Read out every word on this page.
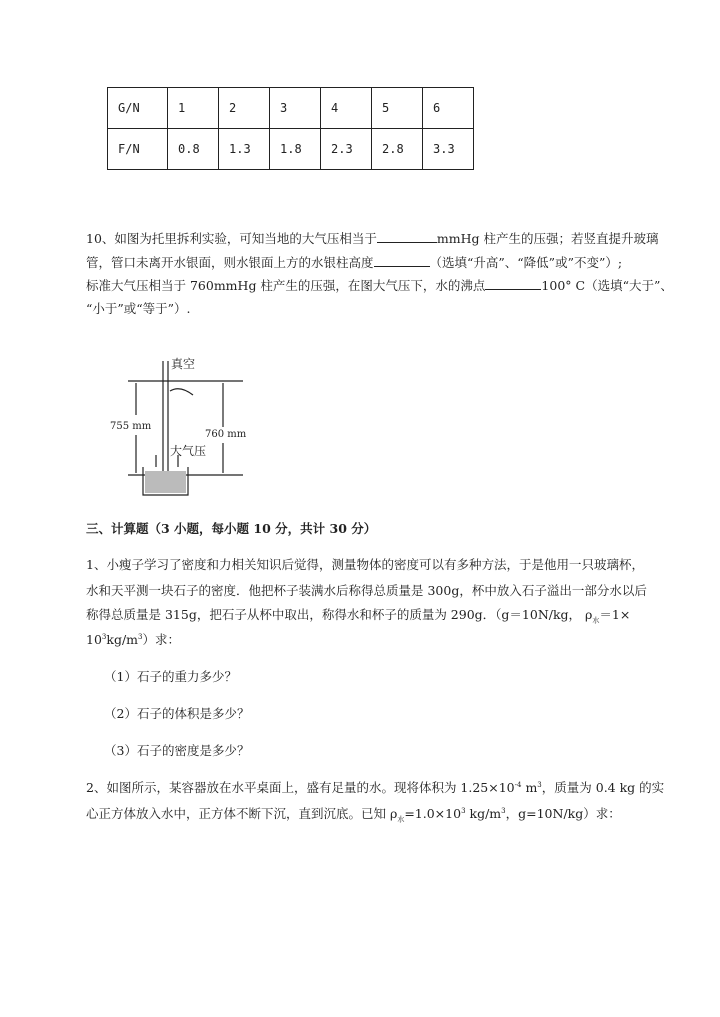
G/N	1	2	3	4	5	6
F/N	0.8	1.3	1.8	2.3	2.8	3.3
10、如图为托里拆利实验，可知当地的大气压相当于	mmHg 柱产生的压强；若竖直提升玻璃
管，管口未离开水银面，则水银面上方的水银柱高度	（选填“升高”、“降低”或”不变”）;
标准大气压相当于 760mmHg 柱产生的压强，在图大气压下，水的沸点	100° C（选填“大于”、
“小于”或“等于”）.
真空
755 mm
760 mm
大气压
三、计算题（3 小题，每小题 10 分，共计 30 分）
1、小瘦子学习了密度和力相关知识后觉得，测量物体的密度可以有多种方法，于是他用一只玻璃杯，
水和天平测一块石子的密度．他把杯子装满水后称得总质量是 300g，杯中放入石子溢出一部分水以后
称得总质量是 315g，把石子从杯中取出，称得水和杯子的质量为 290g．（g＝10N/kg， $\rho_水=1\times$
$10^3kg/m^3$）求：
（1）石子的重力多少？
（2）石子的体积是多少？
（3）石子的密度是多少？
2、如图所示，某容器放在水平桌面上，盛有足量的水。现将体积为 $1.25\times 10^{-4}$ $m^3$，质量为 0.4 kg 的实
心正方体放入水中，正方体不断下沉，直到沉底。已知 $\rho_水=1.0\times 10^3$ $kg/m^3$，g=10N/kg）求：
